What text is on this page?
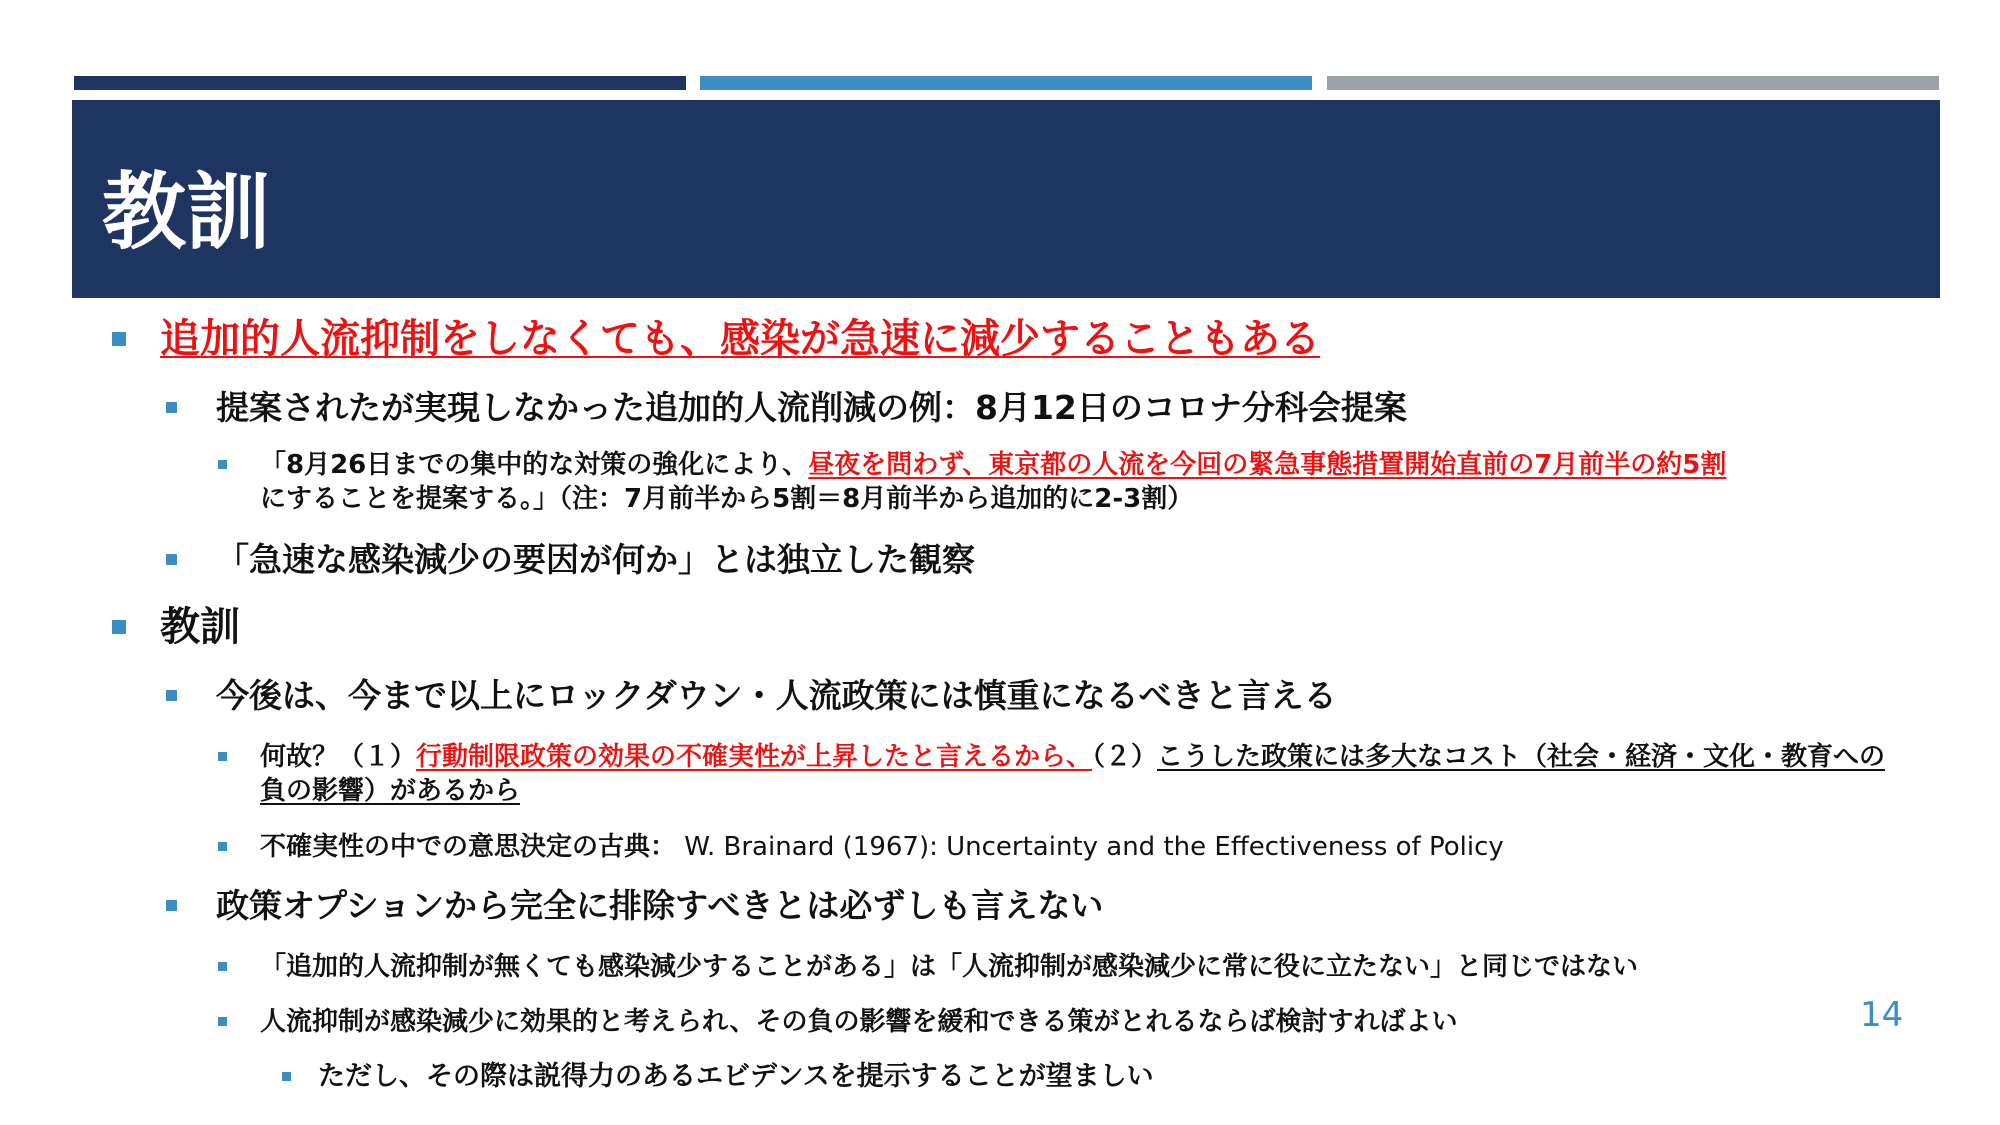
教訓
追加的人流抑制をしなくても、感染が急速に減少することもある
提案されたが実現しなかった追加的人流削減の例：8月12日のコロナ分科会提案
「8月26日までの集中的な対策の強化により、昼夜を問わず、東京都の人流を今回の緊急事態措置開始直前の7月前半の約5割
にすることを提案する。」（注：7月前半から5割＝8月前半から追加的に2-3割）
「急速な感染減少の要因が何か」とは独立した観察
教訓
今後は、今まで以上にロックダウン・人流政策には慎重になるべきと言える
何故？（１）行動制限政策の効果の不確実性が上昇したと言えるから、（２）こうした政策には多大なコスト（社会・経済・文化・教育への負の影響）があるから
不確実性の中での意思決定の古典： W. Brainard (1967): Uncertainty and the Effectiveness of Policy
政策オプションから完全に排除すべきとは必ずしも言えない
「追加的人流抑制が無くても感染減少することがある」は「人流抑制が感染減少に常に役に立たない」と同じではない
人流抑制が感染減少に効果的と考えられ、その負の影響を緩和できる策がとれるならば検討すればよい
ただし、その際は説得力のあるエビデンスを提示することが望ましい
14
